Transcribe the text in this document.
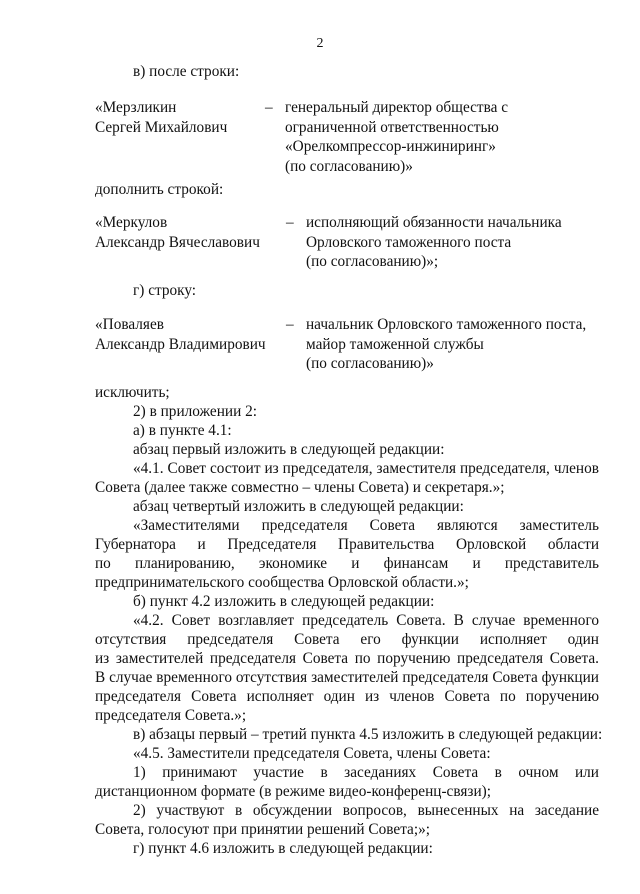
2
в) после строки:
«Мерзликин
Сергей Михайлович
– генеральный директор общества с
ограниченной ответственностью
«Орелкомпрессор-инжиниринг»
(по согласованию)»
дополнить строкой:
«Меркулов
Александр Вячеславович
– исполняющий обязанности начальника
Орловского таможенного поста
(по согласованию)»;
г) строку:
«Поваляев
Александр Владимирович
– начальник Орловского таможенного поста,
майор таможенной службы
(по согласованию)»
исключить;
2) в приложении 2:
а) в пункте 4.1:
абзац первый изложить в следующей редакции:
«4.1. Совет состоит из председателя, заместителя председателя, членов
Совета (далее также совместно – члены Совета) и секретаря.»;
абзац четвертый изложить в следующей редакции:
«Заместителями председателя Совета являются заместитель
Губернатора и Председателя Правительства Орловской области
по планированию, экономике и финансам и представитель
предпринимательского сообщества Орловской области.»;
б) пункт 4.2 изложить в следующей редакции:
«4.2. Совет возглавляет председатель Совета. В случае временного
отсутствия председателя Совета его функции исполняет один
из заместителей председателя Совета по поручению председателя Совета.
В случае временного отсутствия заместителей председателя Совета функции
председателя Совета исполняет один из членов Совета по поручению
председателя Совета.»;
в) абзацы первый – третий пункта 4.5 изложить в следующей редакции:
«4.5. Заместители председателя Совета, члены Совета:
1) принимают участие в заседаниях Совета в очном или
дистанционном формате (в режиме видео-конференц-связи);
2) участвуют в обсуждении вопросов, вынесенных на заседание
Совета, голосуют при принятии решений Совета;»;
г) пункт 4.6 изложить в следующей редакции:
